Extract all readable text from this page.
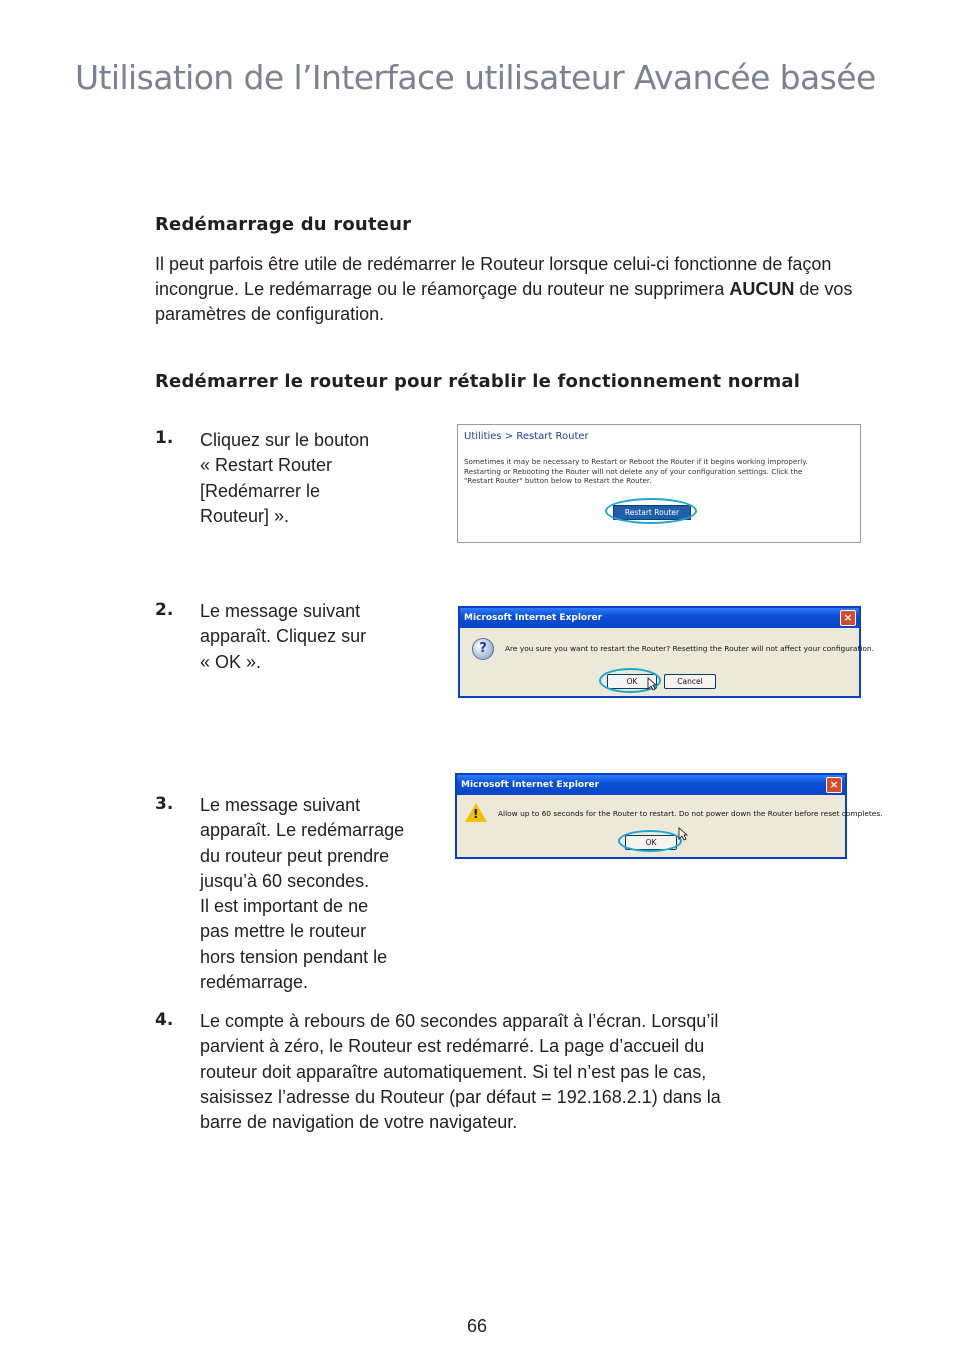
Utilisation de l’Interface utilisateur Avancée basée
Redémarrage du routeur

Il peut parfois être utile de redémarrer le Routeur lorsque celui-ci fonctionne de façon incongrue. Le redémarrage ou le réamorçage du routeur ne supprimera AUCUN de vos paramètres de configuration.

Redémarrer le routeur pour rétablir le fonctionnement normal
1. Cliquez sur le bouton
« Restart Router
[Redémarrer le
Routeur] ».
Utilities > Restart Router
Sometimes it may be necessary to Restart or Reboot the Router if it begins working improperly.
Restarting or Rebooting the Router will not delete any of your configuration settings. Click the
"Restart Router" button below to Restart the Router.
Restart Router
2. Le message suivant
apparaît. Cliquez sur
« OK ».
Microsoft Internet Explorer	×
?	Are you sure you want to restart the Router? Resetting the Router will not affect your configuration.
OK	Cancel
3. Le message suivant
apparaît. Le redémarrage
du routeur peut prendre
jusqu’à 60 secondes.
Il est important de ne
pas mettre le routeur
hors tension pendant le
redémarrage.
Microsoft Internet Explorer	×
!	Allow up to 60 seconds for the Router to restart. Do not power down the Router before reset completes.
OK
4. Le compte à rebours de 60 secondes apparaît à l’écran. Lorsqu’il
parvient à zéro, le Routeur est redémarré. La page d’accueil du
routeur doit apparaître automatiquement. Si tel n’est pas le cas,
saisissez l’adresse du Routeur (par défaut = 192.168.2.1) dans la
barre de navigation de votre navigateur.
66
